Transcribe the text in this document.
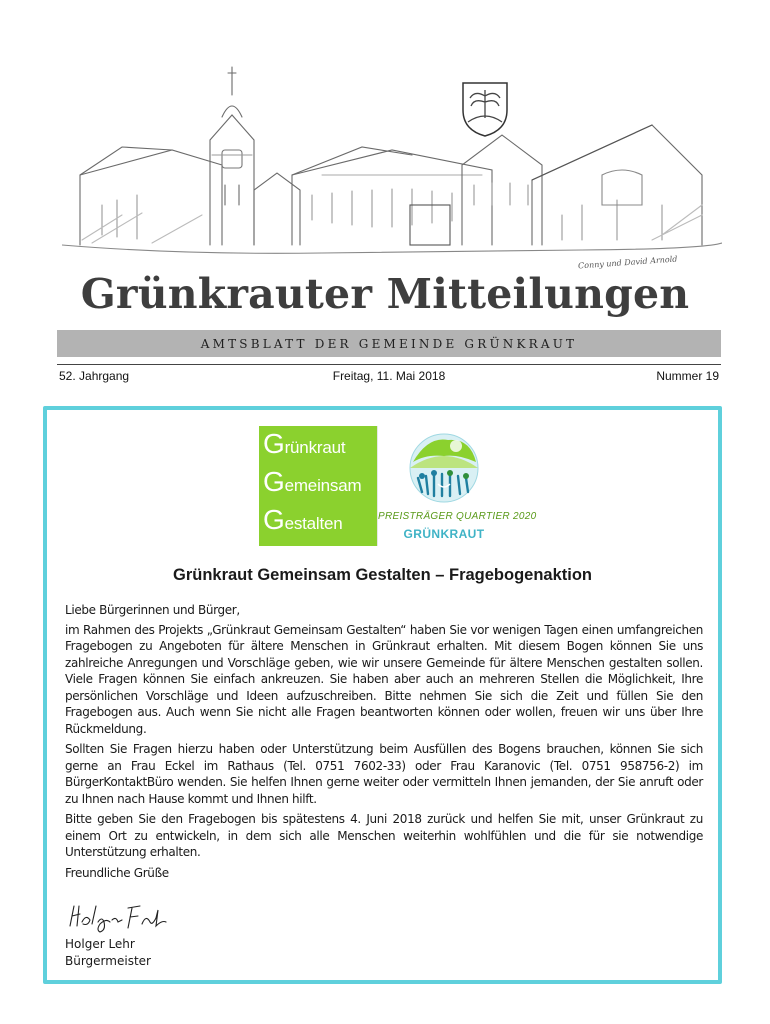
Conny und David Arnold
Grünkrauter Mitteilungen
AMTSBLATT DER GEMEINDE GRÜNKRAUT
52. Jahrgang	Freitag, 11. Mai 2018	Nummer 19
Grünkraut
Gemeinsam
Gestalten	PREISTRÄGER QUARTIER 2020
GRÜNKRAUT
Grünkraut Gemeinsam Gestalten – Fragebogenaktion

Liebe Bürgerinnen und Bürger,

im Rahmen des Projekts „Grünkraut Gemeinsam Gestalten“ haben Sie vor wenigen Tagen einen umfangreichen Fragebogen zu Angeboten für ältere Menschen in Grünkraut erhalten. Mit diesem Bogen können Sie uns zahlreiche Anregungen und Vorschläge geben, wie wir unsere Gemeinde für ältere Menschen gestalten sollen. Viele Fragen können Sie einfach ankreuzen. Sie haben aber auch an mehreren Stellen die Möglichkeit, Ihre persönlichen Vorschläge und Ideen aufzuschreiben. Bitte nehmen Sie sich die Zeit und füllen Sie den Fragebogen aus. Auch wenn Sie nicht alle Fragen beantworten können oder wollen, freuen wir uns über Ihre Rückmeldung.

Sollten Sie Fragen hierzu haben oder Unterstützung beim Ausfüllen des Bogens brauchen, können Sie sich gerne an Frau Eckel im Rathaus (Tel. 0751 7602-33) oder Frau Karanovic (Tel. 0751 958756-2) im BürgerKontaktBüro wenden. Sie helfen Ihnen gerne weiter oder vermitteln Ihnen jemanden, der Sie anruft oder zu Ihnen nach Hause kommt und Ihnen hilft.

Bitte geben Sie den Fragebogen bis spätestens 4. Juni 2018 zurück und helfen Sie mit, unser Grünkraut zu einem Ort zu entwickeln, in dem sich alle Menschen weiterhin wohlfühlen und die für sie notwendige Unterstützung erhalten.

Freundliche Grüße

Holger Lehr
Bürgermeister
